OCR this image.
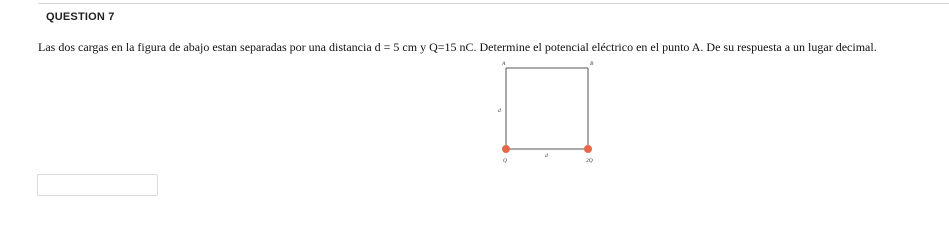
QUESTION 7
Las dos cargas en la figura de abajo estan separadas por una distancia d = 5 cm y Q=15 nC. Determine el potencial eléctrico en el punto A. De su respuesta a un lugar decimal.
A	B
d
d
Q	2Q
